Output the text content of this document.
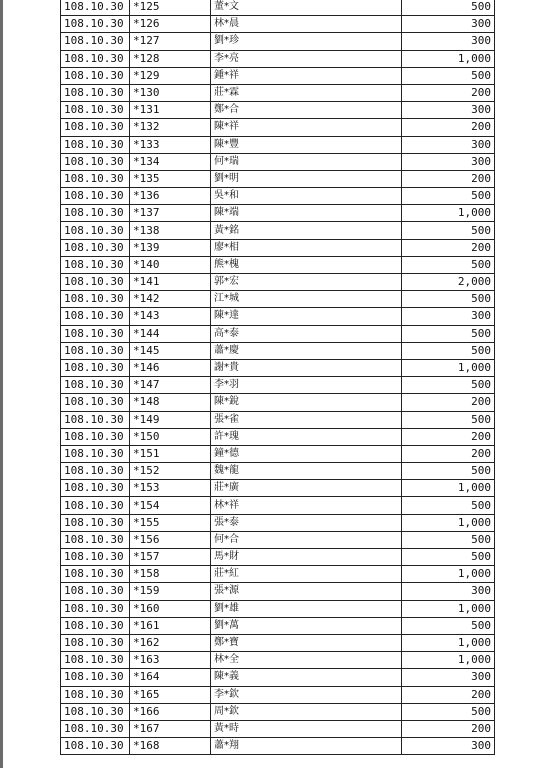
108.10.30	*125	董*文	500
108.10.30	*126	林*晨	300
108.10.30	*127	劉*珍	300
108.10.30	*128	李*亮	1,000
108.10.30	*129	鍾*祥	500
108.10.30	*130	莊*霖	200
108.10.30	*131	鄭*合	300
108.10.30	*132	陳*祥	200
108.10.30	*133	陳*豐	300
108.10.30	*134	何*瑞	300
108.10.30	*135	劉*明	200
108.10.30	*136	吳*和	500
108.10.30	*137	陳*端	1,000
108.10.30	*138	黃*銘	500
108.10.30	*139	廖*相	200
108.10.30	*140	熊*槐	500
108.10.30	*141	郭*宏	2,000
108.10.30	*142	江*城	500
108.10.30	*143	陳*達	300
108.10.30	*144	高*泰	500
108.10.30	*145	蕭*慶	500
108.10.30	*146	謝*貴	1,000
108.10.30	*147	李*羽	500
108.10.30	*148	陳*銳	200
108.10.30	*149	張*雀	500
108.10.30	*150	許*瑰	200
108.10.30	*151	鐘*德	200
108.10.30	*152	魏*龍	500
108.10.30	*153	莊*廣	1,000
108.10.30	*154	林*祥	500
108.10.30	*155	張*泰	1,000
108.10.30	*156	何*合	500
108.10.30	*157	馬*財	500
108.10.30	*158	莊*紅	1,000
108.10.30	*159	張*源	300
108.10.30	*160	劉*雄	1,000
108.10.30	*161	劉*萬	500
108.10.30	*162	鄭*寶	1,000
108.10.30	*163	林*全	1,000
108.10.30	*164	陳*義	300
108.10.30	*165	李*欽	200
108.10.30	*166	周*欽	500
108.10.30	*167	黃*時	200
108.10.30	*168	蕭*翔	300
